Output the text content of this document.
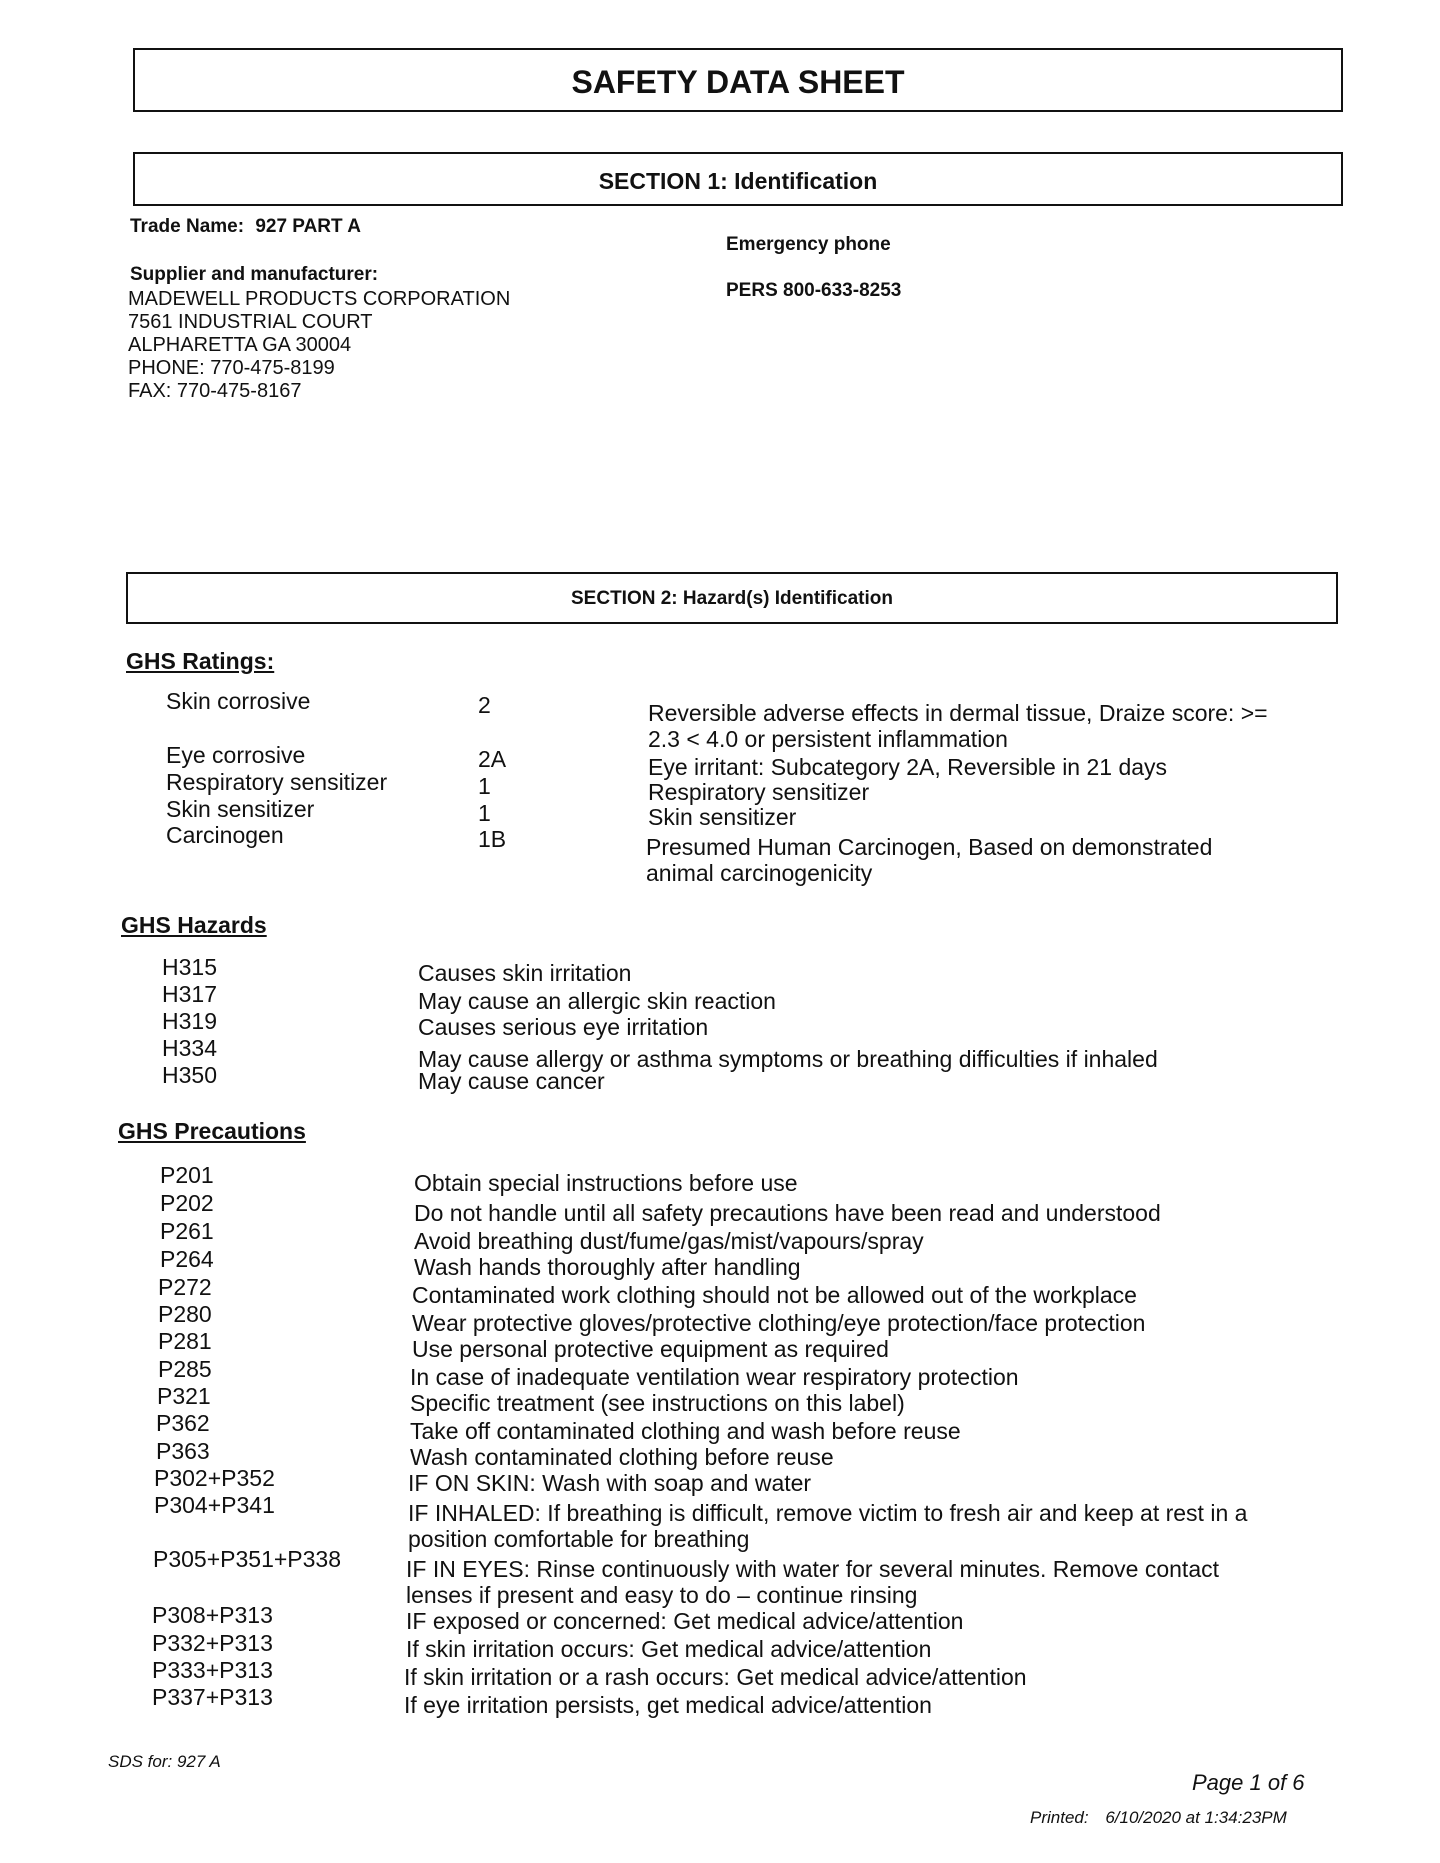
SAFETY DATA SHEET
SECTION 1: Identification
Trade Name: 927 PART A
Supplier and manufacturer:
MADEWELL PRODUCTS CORPORATION
7561 INDUSTRIAL COURT
ALPHARETTA GA 30004
PHONE: 770-475-8199
FAX: 770-475-8167
Emergency phone
PERS 800-633-8253
SECTION 2: Hazard(s) Identification
GHS Ratings:
Skin corrosive	2	Reversible adverse effects in dermal tissue, Draize score: >= 2.3 < 4.0 or persistent inflammation
Eye corrosive	2A	Eye irritant: Subcategory 2A, Reversible in 21 days
Respiratory sensitizer	1	Respiratory sensitizer
Skin sensitizer	1	Skin sensitizer
Carcinogen	1B	Presumed Human Carcinogen, Based on demonstrated animal carcinogenicity
GHS Hazards
H315	Causes skin irritation
H317	May cause an allergic skin reaction
H319	Causes serious eye irritation
H334	May cause allergy or asthma symptoms or breathing difficulties if inhaled
H350	May cause cancer
GHS Precautions
P201	Obtain special instructions before use
P202	Do not handle until all safety precautions have been read and understood
P261	Avoid breathing dust/fume/gas/mist/vapours/spray
P264	Wash hands thoroughly after handling
P272	Contaminated work clothing should not be allowed out of the workplace
P280	Wear protective gloves/protective clothing/eye protection/face protection
P281	Use personal protective equipment as required
P285	In case of inadequate ventilation wear respiratory protection
P321	Specific treatment (see instructions on this label)
P362	Take off contaminated clothing and wash before reuse
P363	Wash contaminated clothing before reuse
P302+P352	IF ON SKIN: Wash with soap and water
P304+P341	IF INHALED: If breathing is difficult, remove victim to fresh air and keep at rest in a position comfortable for breathing
P305+P351+P338	IF IN EYES: Rinse continuously with water for several minutes. Remove contact lenses if present and easy to do – continue rinsing
P308+P313	IF exposed or concerned: Get medical advice/attention
P332+P313	If skin irritation occurs: Get medical advice/attention
P333+P313	If skin irritation or a rash occurs: Get medical advice/attention
P337+P313	If eye irritation persists, get medical advice/attention
SDS for: 927 A
Page 1 of 6
Printed: 6/10/2020 at 1:34:23PM
